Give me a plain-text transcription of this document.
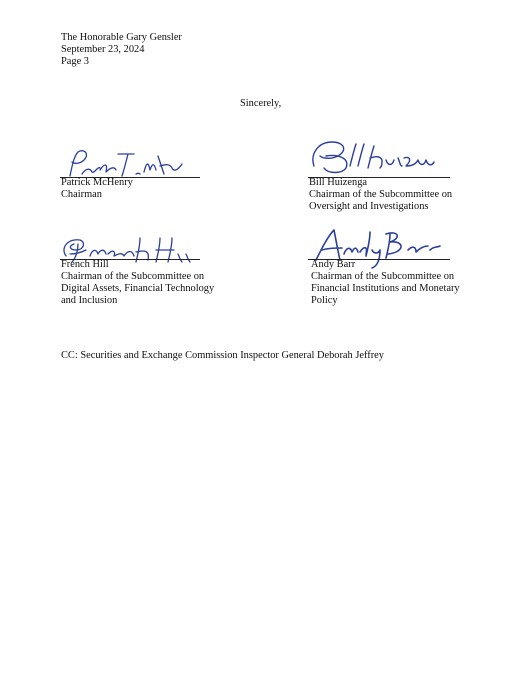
The Honorable Gary Gensler
September 23, 2024
Page 3
Sincerely,
Patrick McHenry
Chairman
Bill Huizenga
Chairman of the Subcommittee on
Oversight and Investigations
French Hill
Chairman of the Subcommittee on
Digital Assets, Financial Technology
and Inclusion
Andy Barr
Chairman of the Subcommittee on
Financial Institutions and Monetary
Policy
CC: Securities and Exchange Commission Inspector General Deborah Jeffrey
